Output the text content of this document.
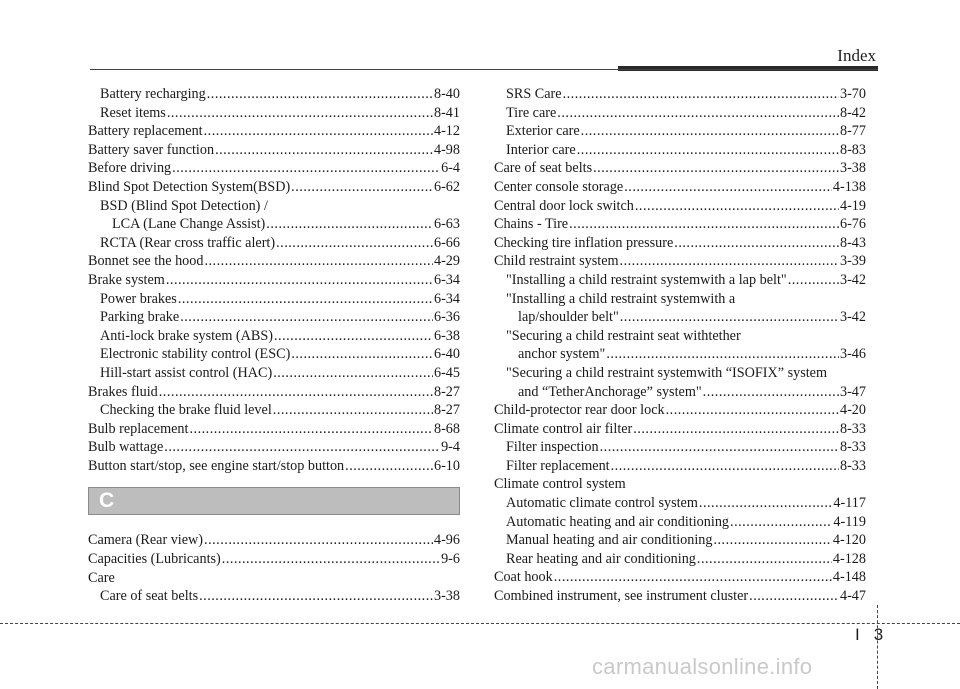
Index
Battery recharging .....	8-40
Reset items .....	8-41
Battery replacement .....	4-12
Battery saver function .....	4-98
Before driving .....	6-4
Blind Spot Detection System(BSD) .....	6-62
BSD (Blind Spot Detection) /
LCA (Lane Change Assist) .....	6-63
RCTA (Rear cross traffic alert) .....	6-66
Bonnet see the hood .....	4-29
Brake system .....	6-34
Power brakes .....	6-34
Parking brake .....	6-36
Anti-lock brake system (ABS) .....	6-38
Electronic stability control (ESC) .....	6-40
Hill-start assist control (HAC) .....	6-45
Brakes fluid .....	8-27
Checking the brake fluid level .....	8-27
Bulb replacement .....	8-68
Bulb wattage .....	9-4
Button start/stop, see engine start/stop button .....	6-10
C
Camera (Rear view) .....	4-96
Capacities (Lubricants) .....	9-6
Care
Care of seat belts .....	3-38
SRS Care .....	3-70
Tire care .....	8-42
Exterior care .....	8-77
Interior care .....	8-83
Care of seat belts .....	3-38
Center console storage .....	4-138
Central door lock switch .....	4-19
Chains - Tire .....	6-76
Checking tire inflation pressure .....	8-43
Child restraint system .....	3-39
"Installing a child restraint systemwith a lap belt" .....	3-42
"Installing a child restraint systemwith a
lap/shoulder belt" .....	3-42
"Securing a child restraint seat withtether
anchor system" .....	3-46
"Securing a child restraint systemwith “ISOFIX” system
and “TetherAnchorage” system" .....	3-47
Child-protector rear door lock .....	4-20
Climate control air filter .....	8-33
Filter inspection .....	8-33
Filter replacement .....	8-33
Climate control system
Automatic climate control system .....	4-117
Automatic heating and air conditioning .....	4-119
Manual heating and air conditioning .....	4-120
Rear heating and air conditioning .....	4-128
Coat hook .....	4-148
Combined instrument, see instrument cluster .....	4-47
I 3
carmanualsonline.info
